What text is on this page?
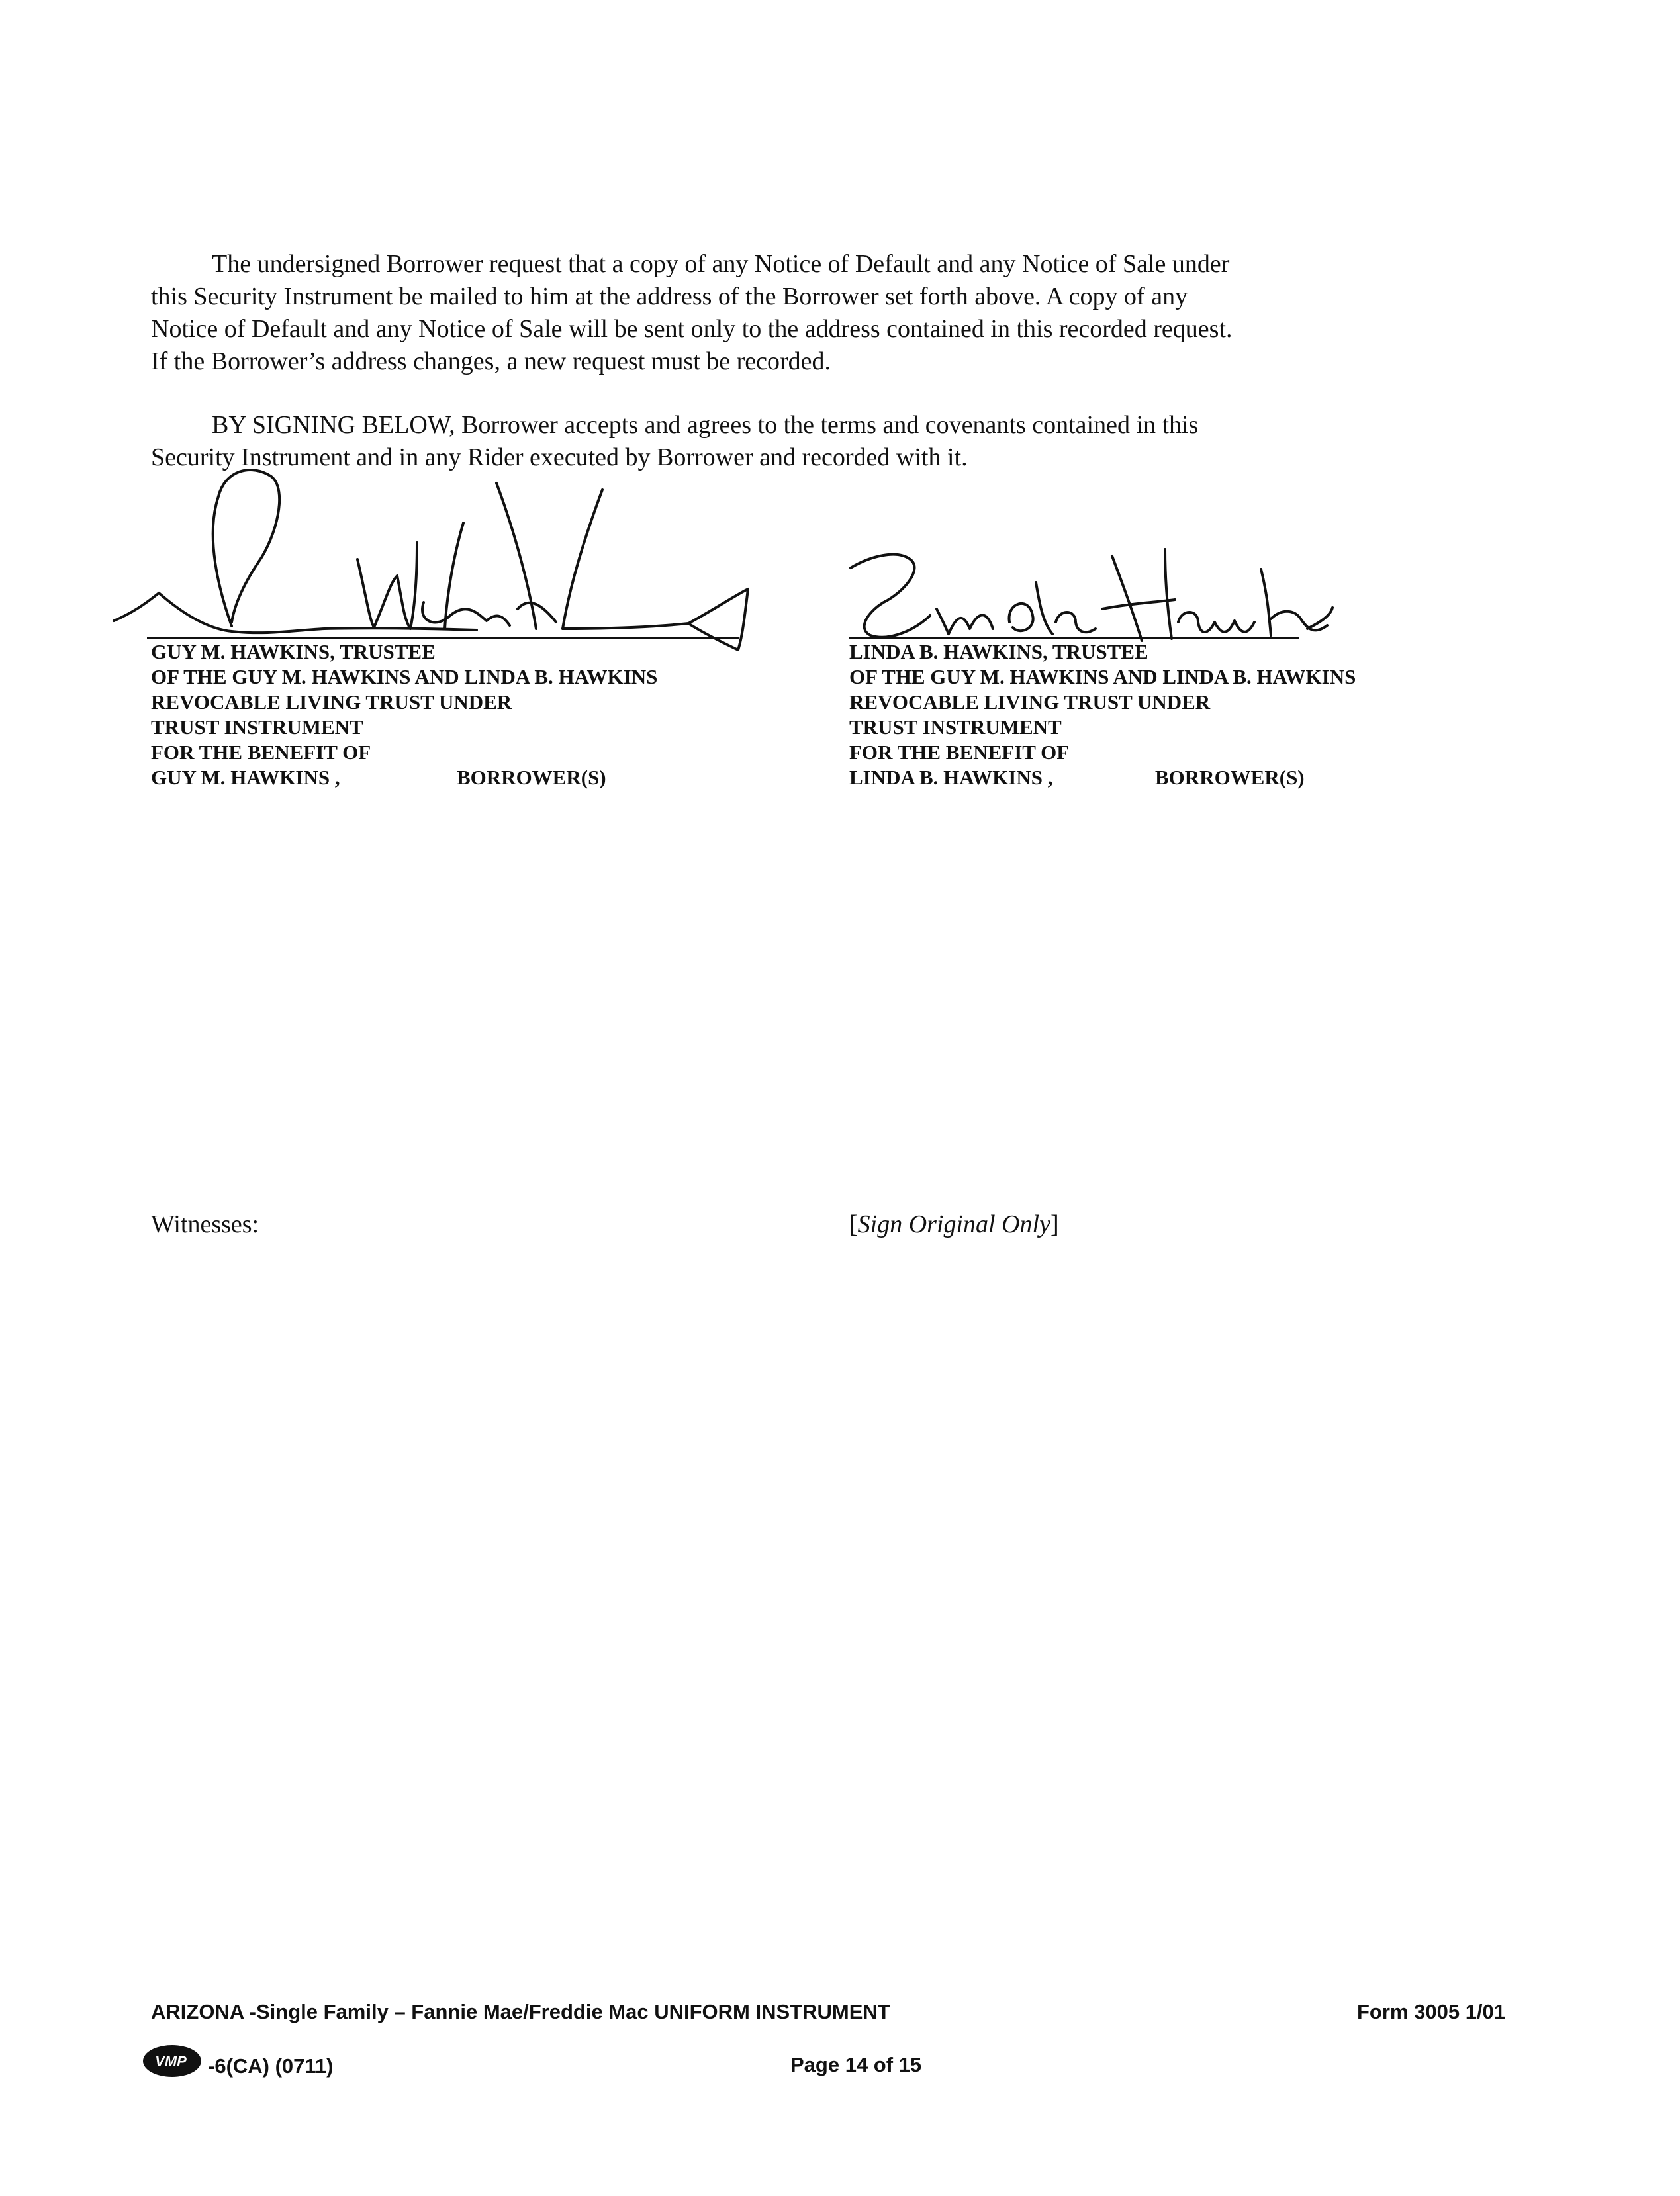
The undersigned Borrower request that a copy of any Notice of Default and any Notice of Sale under
this Security Instrument be mailed to him at the address of the Borrower set forth above. A copy of any
Notice of Default and any Notice of Sale will be sent only to the address contained in this recorded request.
If the Borrower’s address changes, a new request must be recorded.
BY SIGNING BELOW, Borrower accepts and agrees to the terms and covenants contained in this
Security Instrument and in any Rider executed by Borrower and recorded with it.
GUY M. HAWKINS, TRUSTEE
OF THE GUY M. HAWKINS AND LINDA B. HAWKINS
REVOCABLE LIVING TRUST UNDER
TRUST INSTRUMENT
FOR THE BENEFIT OF
GUY M. HAWKINS ,	BORROWER(S)
LINDA B. HAWKINS, TRUSTEE
OF THE GUY M. HAWKINS AND LINDA B. HAWKINS
REVOCABLE LIVING TRUST UNDER
TRUST INSTRUMENT
FOR THE BENEFIT OF
LINDA B. HAWKINS ,	BORROWER(S)
Witnesses:	[Sign Original Only]
ARIZONA -Single Family – Fannie Mae/Freddie Mac UNIFORM INSTRUMENT	Form 3005 1/01
VMP -6(CA) (0711)	Page 14 of 15
